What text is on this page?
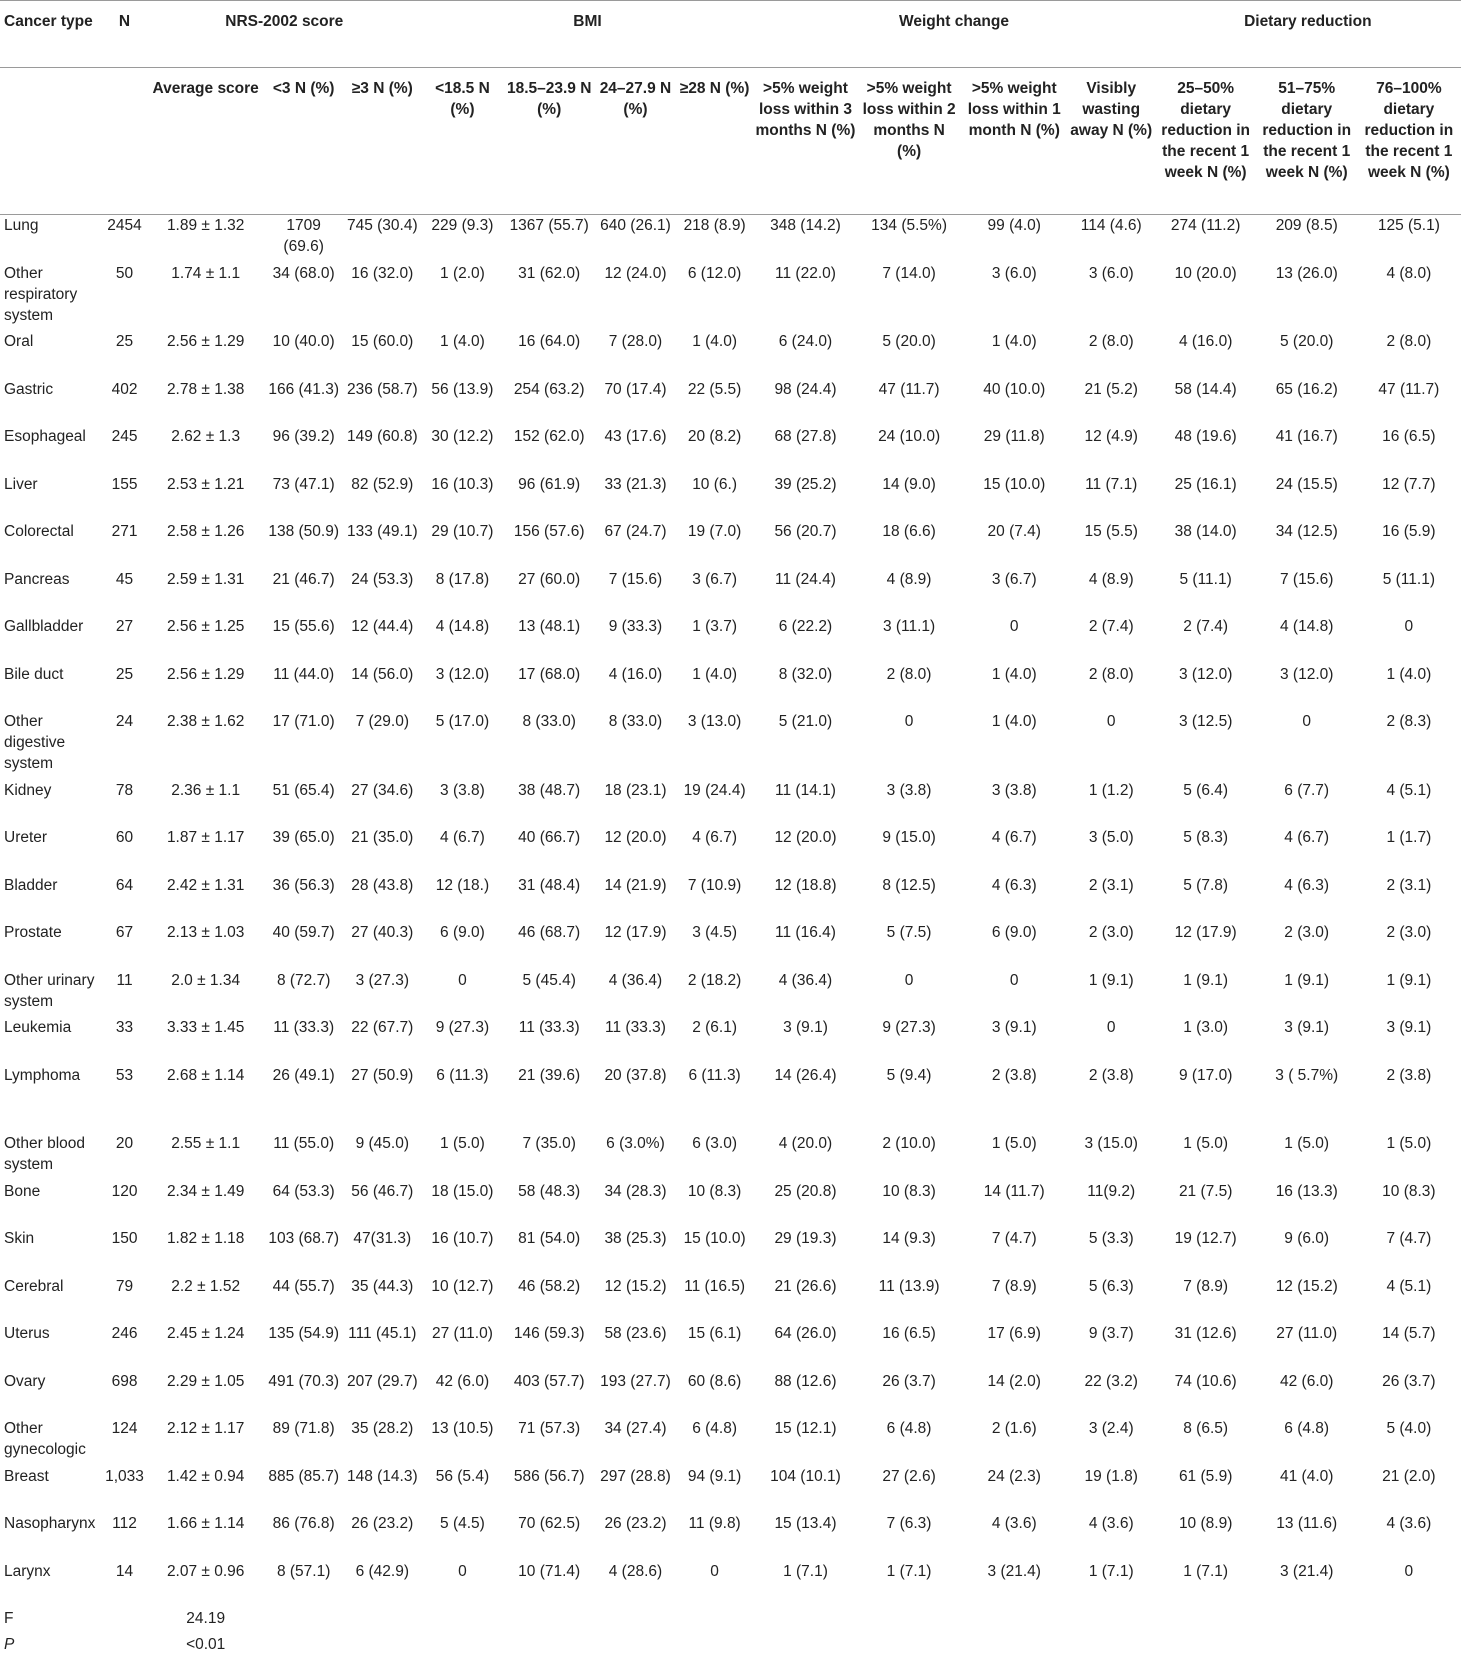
Cancer type	N	NRS-2002 score			BMI				Weight change				Dietary reduction		
		Average score	<3 N (%)	≥3 N (%)	<18.5 N (%)	18.5–23.9 N (%)	24–27.9 N (%)	≥28 N (%)	>5% weight loss within 3 months N (%)	>5% weight loss within 2 months N (%)	>5% weight loss within 1 month N (%)	Visibly wasting away N (%)	25–50% dietary reduction in the recent 1 week N (%)	51–75% dietary reduction in the recent 1 week N (%)	76–100% dietary reduction in the recent 1 week N (%)
Lung	2454	1.89 ± 1.32	1709 (69.6)	745 (30.4)	229 (9.3)	1367 (55.7)	640 (26.1)	218 (8.9)	348 (14.2)	134 (5.5%)	99 (4.0)	114 (4.6)	274 (11.2)	209 (8.5)	125 (5.1)
Other respiratory system	50	1.74 ± 1.1	34 (68.0)	16 (32.0)	1 (2.0)	31 (62.0)	12 (24.0)	6 (12.0)	11 (22.0)	7 (14.0)	3 (6.0)	3 (6.0)	10 (20.0)	13 (26.0)	4 (8.0)
Oral	25	2.56 ± 1.29	10 (40.0)	15 (60.0)	1 (4.0)	16 (64.0)	7 (28.0)	1 (4.0)	6 (24.0)	5 (20.0)	1 (4.0)	2 (8.0)	4 (16.0)	5 (20.0)	2 (8.0)
Gastric	402	2.78 ± 1.38	166 (41.3)	236 (58.7)	56 (13.9)	254 (63.2)	70 (17.4)	22 (5.5)	98 (24.4)	47 (11.7)	40 (10.0)	21 (5.2)	58 (14.4)	65 (16.2)	47 (11.7)
Esophageal	245	2.62 ± 1.3	96 (39.2)	149 (60.8)	30 (12.2)	152 (62.0)	43 (17.6)	20 (8.2)	68 (27.8)	24 (10.0)	29 (11.8)	12 (4.9)	48 (19.6)	41 (16.7)	16 (6.5)
Liver	155	2.53 ± 1.21	73 (47.1)	82 (52.9)	16 (10.3)	96 (61.9)	33 (21.3)	10 (6.)	39 (25.2)	14 (9.0)	15 (10.0)	11 (7.1)	25 (16.1)	24 (15.5)	12 (7.7)
Colorectal	271	2.58 ± 1.26	138 (50.9)	133 (49.1)	29 (10.7)	156 (57.6)	67 (24.7)	19 (7.0)	56 (20.7)	18 (6.6)	20 (7.4)	15 (5.5)	38 (14.0)	34 (12.5)	16 (5.9)
Pancreas	45	2.59 ± 1.31	21 (46.7)	24 (53.3)	8 (17.8)	27 (60.0)	7 (15.6)	3 (6.7)	11 (24.4)	4 (8.9)	3 (6.7)	4 (8.9)	5 (11.1)	7 (15.6)	5 (11.1)
Gallbladder	27	2.56 ± 1.25	15 (55.6)	12 (44.4)	4 (14.8)	13 (48.1)	9 (33.3)	1 (3.7)	6 (22.2)	3 (11.1)	0	2 (7.4)	2 (7.4)	4 (14.8)	0
Bile duct	25	2.56 ± 1.29	11 (44.0)	14 (56.0)	3 (12.0)	17 (68.0)	4 (16.0)	1 (4.0)	8 (32.0)	2 (8.0)	1 (4.0)	2 (8.0)	3 (12.0)	3 (12.0)	1 (4.0)
Other digestive system	24	2.38 ± 1.62	17 (71.0)	7 (29.0)	5 (17.0)	8 (33.0)	8 (33.0)	3 (13.0)	5 (21.0)	0	1 (4.0)	0	3 (12.5)	0	2 (8.3)
Kidney	78	2.36 ± 1.1	51 (65.4)	27 (34.6)	3 (3.8)	38 (48.7)	18 (23.1)	19 (24.4)	11 (14.1)	3 (3.8)	3 (3.8)	1 (1.2)	5 (6.4)	6 (7.7)	4 (5.1)
Ureter	60	1.87 ± 1.17	39 (65.0)	21 (35.0)	4 (6.7)	40 (66.7)	12 (20.0)	4 (6.7)	12 (20.0)	9 (15.0)	4 (6.7)	3 (5.0)	5 (8.3)	4 (6.7)	1 (1.7)
Bladder	64	2.42 ± 1.31	36 (56.3)	28 (43.8)	12 (18.)	31 (48.4)	14 (21.9)	7 (10.9)	12 (18.8)	8 (12.5)	4 (6.3)	2 (3.1)	5 (7.8)	4 (6.3)	2 (3.1)
Prostate	67	2.13 ± 1.03	40 (59.7)	27 (40.3)	6 (9.0)	46 (68.7)	12 (17.9)	3 (4.5)	11 (16.4)	5 (7.5)	6 (9.0)	2 (3.0)	12 (17.9)	2 (3.0)	2 (3.0)
Other urinary system	11	2.0 ± 1.34	8 (72.7)	3 (27.3)	0	5 (45.4)	4 (36.4)	2 (18.2)	4 (36.4)	0	0	1 (9.1)	1 (9.1)	1 (9.1)	1 (9.1)
Leukemia	33	3.33 ± 1.45	11 (33.3)	22 (67.7)	9 (27.3)	11 (33.3)	11 (33.3)	2 (6.1)	3 (9.1)	9 (27.3)	3 (9.1)	0	1 (3.0)	3 (9.1)	3 (9.1)
Lymphoma	53	2.68 ± 1.14	26 (49.1)	27 (50.9)	6 (11.3)	21 (39.6)	20 (37.8)	6 (11.3)	14 (26.4)	5 (9.4)	2 (3.8)	2 (3.8)	9 (17.0)	3 ( 5.7%)	2 (3.8)
Other blood system	20	2.55 ± 1.1	11 (55.0)	9 (45.0)	1 (5.0)	7 (35.0)	6 (3.0%)	6 (3.0)	4 (20.0)	2 (10.0)	1 (5.0)	3 (15.0)	1 (5.0)	1 (5.0)	1 (5.0)
Bone	120	2.34 ± 1.49	64 (53.3)	56 (46.7)	18 (15.0)	58 (48.3)	34 (28.3)	10 (8.3)	25 (20.8)	10 (8.3)	14 (11.7)	11(9.2)	21 (7.5)	16 (13.3)	10 (8.3)
Skin	150	1.82 ± 1.18	103 (68.7)	47(31.3)	16 (10.7)	81 (54.0)	38 (25.3)	15 (10.0)	29 (19.3)	14 (9.3)	7 (4.7)	5 (3.3)	19 (12.7)	9 (6.0)	7 (4.7)
Cerebral	79	2.2 ± 1.52	44 (55.7)	35 (44.3)	10 (12.7)	46 (58.2)	12 (15.2)	11 (16.5)	21 (26.6)	11 (13.9)	7 (8.9)	5 (6.3)	7 (8.9)	12 (15.2)	4 (5.1)
Uterus	246	2.45 ± 1.24	135 (54.9)	111 (45.1)	27 (11.0)	146 (59.3)	58 (23.6)	15 (6.1)	64 (26.0)	16 (6.5)	17 (6.9)	9 (3.7)	31 (12.6)	27 (11.0)	14 (5.7)
Ovary	698	2.29 ± 1.05	491 (70.3)	207 (29.7)	42 (6.0)	403 (57.7)	193 (27.7)	60 (8.6)	88 (12.6)	26 (3.7)	14 (2.0)	22 (3.2)	74 (10.6)	42 (6.0)	26 (3.7)
Other gynecologic	124	2.12 ± 1.17	89 (71.8)	35 (28.2)	13 (10.5)	71 (57.3)	34 (27.4)	6 (4.8)	15 (12.1)	6 (4.8)	2 (1.6)	3 (2.4)	8 (6.5)	6 (4.8)	5 (4.0)
Breast	1,033	1.42 ± 0.94	885 (85.7)	148 (14.3)	56 (5.4)	586 (56.7)	297 (28.8)	94 (9.1)	104 (10.1)	27 (2.6)	24 (2.3)	19 (1.8)	61 (5.9)	41 (4.0)	21 (2.0)
Nasopharynx	112	1.66 ± 1.14	86 (76.8)	26 (23.2)	5 (4.5)	70 (62.5)	26 (23.2)	11 (9.8)	15 (13.4)	7 (6.3)	4 (3.6)	4 (3.6)	10 (8.9)	13 (11.6)	4 (3.6)
Larynx	14	2.07 ± 0.96	8 (57.1)	6 (42.9)	0	10 (71.4)	4 (28.6)	0	1 (7.1)	1 (7.1)	3 (21.4)	1 (7.1)	1 (7.1)	3 (21.4)	0
F		24.19													
P		<0.01													
